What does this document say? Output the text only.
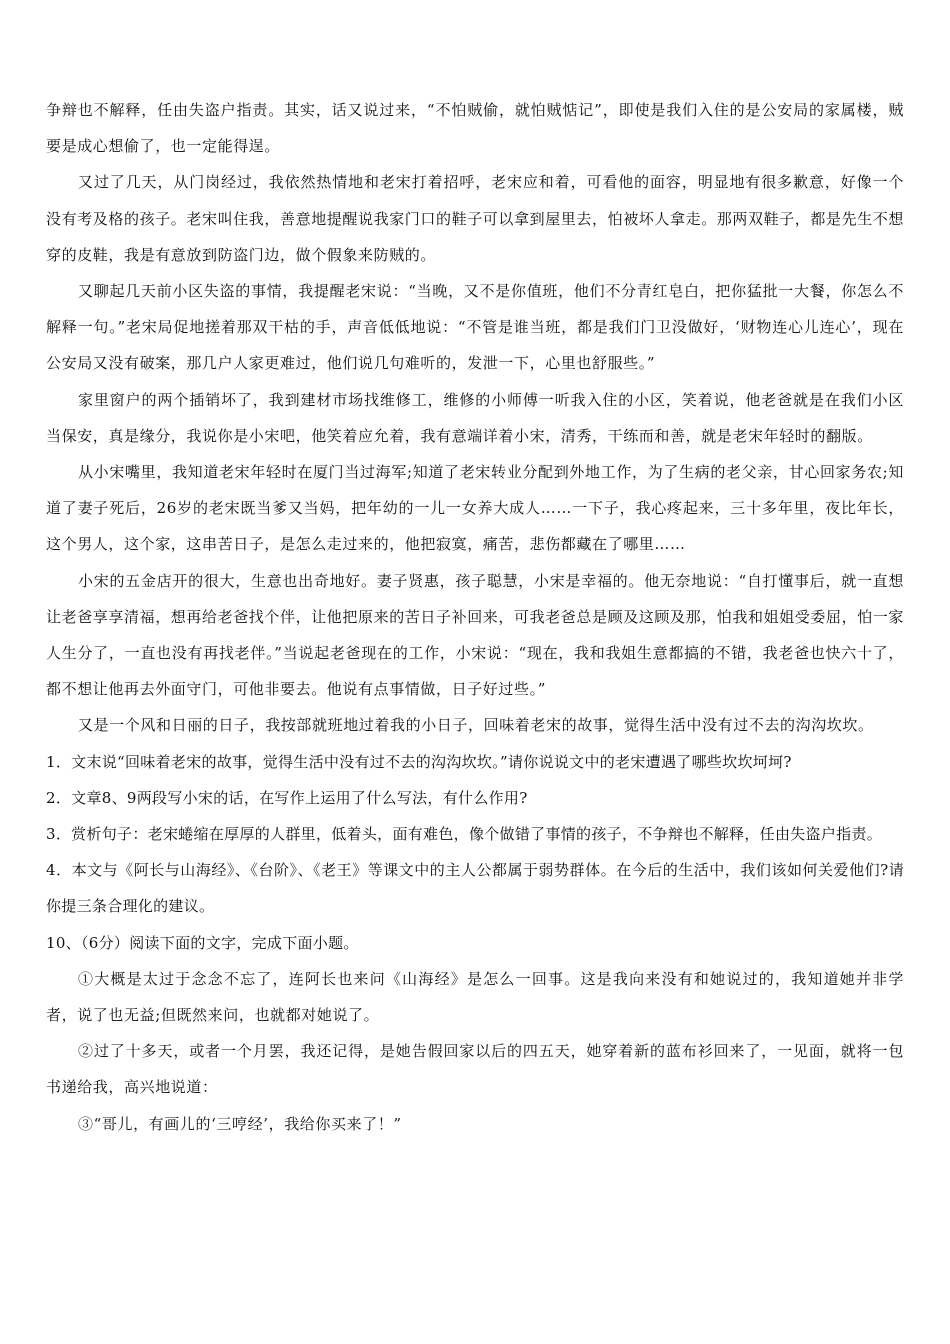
争辩也不解释，任由失盗户指责。其实，话又说过来，“不怕贼偷，就怕贼惦记”，即使是我们入住的是公安局的家属楼，贼要是成心想偷了，也一定能得逞。

又过了几天，从门岗经过，我依然热情地和老宋打着招呼，老宋应和着，可看他的面容，明显地有很多歉意，好像一个没有考及格的孩子。老宋叫住我，善意地提醒说我家门口的鞋子可以拿到屋里去，怕被坏人拿走。那两双鞋子，都是先生不想穿的皮鞋，我是有意放到防盗门边，做个假象来防贼的。

又聊起几天前小区失盗的事情，我提醒老宋说：“当晚，又不是你值班，他们不分青红皂白，把你猛批一大餐，你怎么不解释一句。”老宋局促地搓着那双干枯的手，声音低低地说：“不管是谁当班，都是我们门卫没做好，‘财物连心儿连心’，现在公安局又没有破案，那几户人家更难过，他们说几句难听的，发泄一下，心里也舒服些。”

家里窗户的两个插销坏了，我到建材市场找维修工，维修的小师傅一听我入住的小区，笑着说，他老爸就是在我们小区当保安，真是缘分，我说你是小宋吧，他笑着应允着，我有意端详着小宋，清秀，干练而和善，就是老宋年轻时的翻版。

从小宋嘴里，我知道老宋年轻时在厦门当过海军;知道了老宋转业分配到外地工作，为了生病的老父亲，甘心回家务农;知道了妻子死后，26岁的老宋既当爹又当妈，把年幼的一儿一女养大成人……一下子，我心疼起来，三十多年里，夜比年长，这个男人，这个家，这串苦日子，是怎么走过来的，他把寂寞，痛苦，悲伤都藏在了哪里……

小宋的五金店开的很大，生意也出奇地好。妻子贤惠，孩子聪慧，小宋是幸福的。他无奈地说：“自打懂事后，就一直想让老爸享享清福，想再给老爸找个伴，让他把原来的苦日子补回来，可我老爸总是顾及这顾及那，怕我和姐姐受委屈，怕一家人生分了，一直也没有再找老伴。”当说起老爸现在的工作，小宋说：“现在，我和我姐生意都搞的不错，我老爸也快六十了，都不想让他再去外面守门，可他非要去。他说有点事情做，日子好过些。”

又是一个风和日丽的日子，我按部就班地过着我的小日子，回味着老宋的故事，觉得生活中没有过不去的沟沟坎坎。

1．文末说“回味着老宋的故事，觉得生活中没有过不去的沟沟坎坎。”请你说说文中的老宋遭遇了哪些坎坎坷坷?

2．文章8、9两段写小宋的话，在写作上运用了什么写法，有什么作用?

3．赏析句子：老宋蜷缩在厚厚的人群里，低着头，面有难色，像个做错了事情的孩子，不争辩也不解释，任由失盗户指责。

4．本文与《阿长与山海经》、《台阶》、《老王》等课文中的主人公都属于弱势群体。在今后的生活中，我们该如何关爱他们?请你提三条合理化的建议。

10、（6分）阅读下面的文字，完成下面小题。

①大概是太过于念念不忘了，连阿长也来问《山海经》是怎么一回事。这是我向来没有和她说过的，我知道她并非学者，说了也无益;但既然来问，也就都对她说了。

②过了十多天，或者一个月罢，我还记得，是她告假回家以后的四五天，她穿着新的蓝布衫回来了，一见面，就将一包书递给我，高兴地说道：

③“哥儿，有画儿的‘三哼经’，我给你买来了！”
